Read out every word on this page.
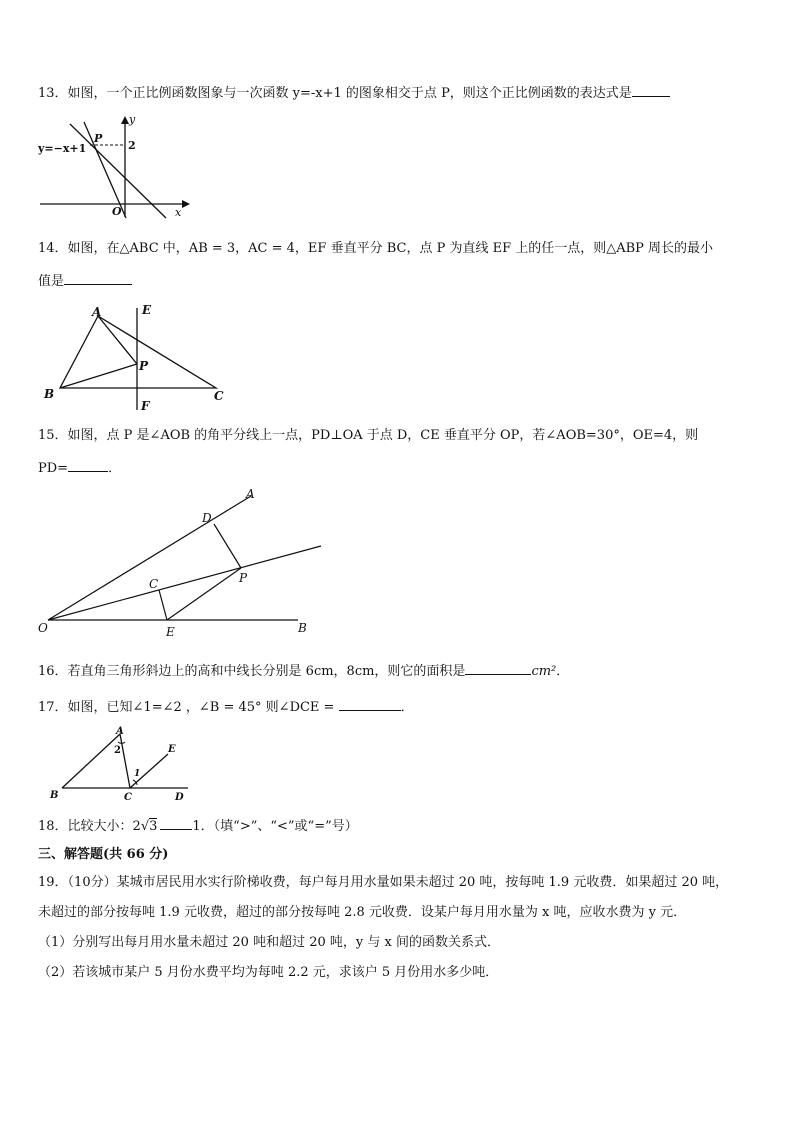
13．如图，一个正比例函数图象与一次函数 y=-x+1 的图象相交于点 P，则这个正比例函数的表达式是
y=−x+1	2
P
O	x
y
14．如图，在△ABC 中，AB = 3，AC = 4，EF 垂直平分 BC，点 P 为直线 EF 上的任一点，则△ABP 周长的最小
值是
A
B	C
E
F
P
15．如图，点 P 是∠AOB 的角平分线上一点，PD⊥OA 于点 D，CE 垂直平分 OP，若∠AOB=30°，OE=4，则
PD=	．
O
A
B
C
D
E
P
16．若直角三角形斜边上的高和中线长分别是 6cm，8cm，则它的面积是	cm²．
17．如图，已知∠1=∠2 ，∠B = 45° 则∠DCE =	．
A
B	C	D
E
1
2
18．比较大小：2√3	1．（填“>”、“<”或“=”号）
三、解答题(共 66 分)
19．（10分）某城市居民用水实行阶梯收费，每户每月用水量如果未超过 20 吨，按每吨 1.9 元收费．如果超过 20 吨，
未超过的部分按每吨 1.9 元收费，超过的部分按每吨 2.8 元收费．设某户每月用水量为 x 吨，应收水费为 y 元．
（1）分别写出每月用水量未超过 20 吨和超过 20 吨，y 与 x 间的函数关系式．
（2）若该城市某户 5 月份水费平均为每吨 2.2 元，求该户 5 月份用水多少吨．
